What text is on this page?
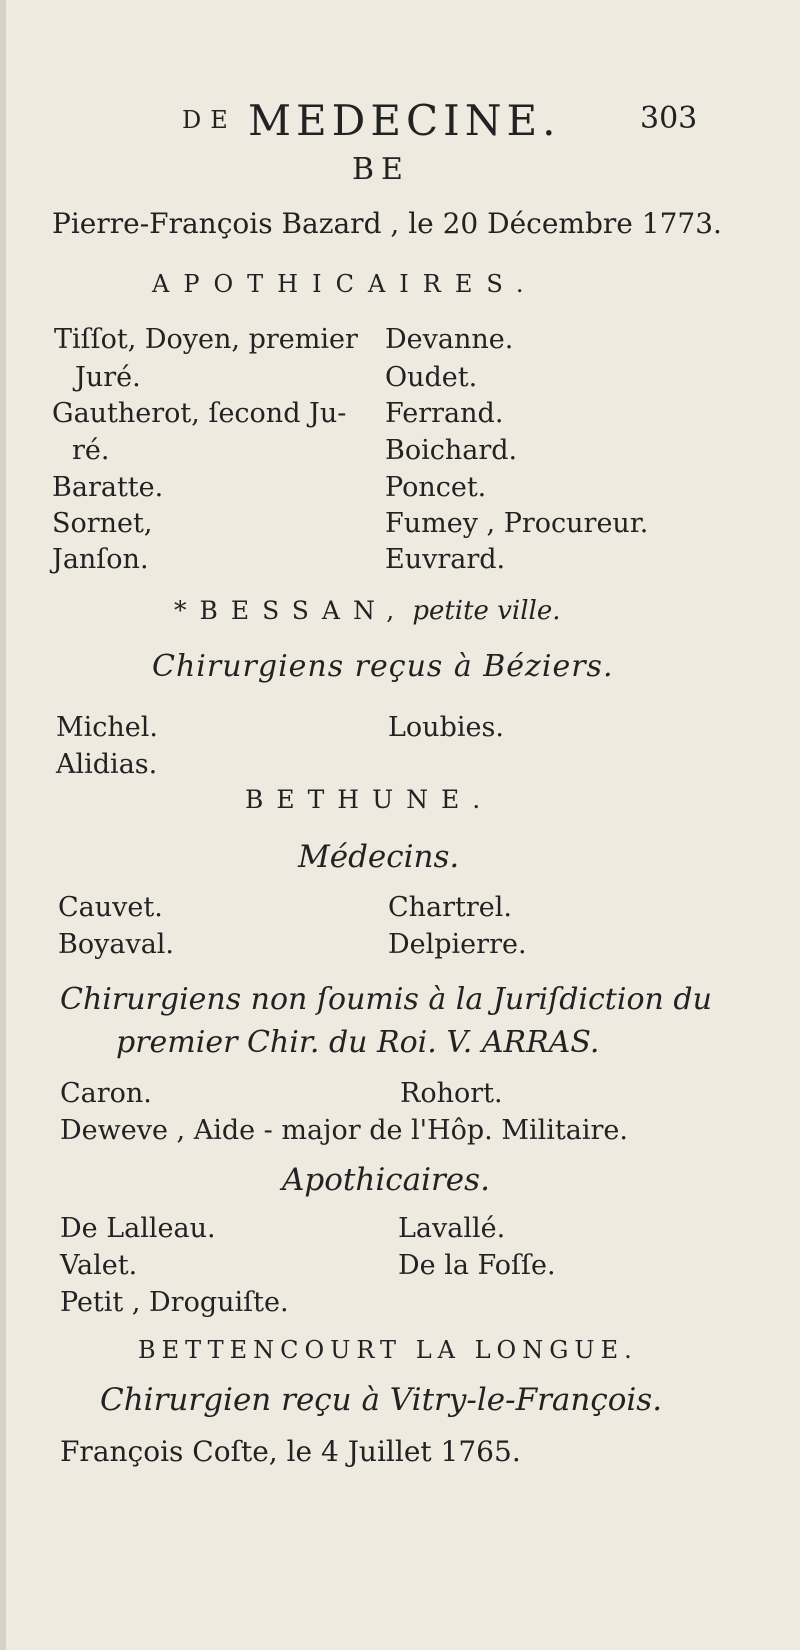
DE MEDECINE.	303
BE
Pierre-François Bazard , le 20 Décembre 1773.
APOTHICAIRES.
Tiſſot, Doyen, premier
Juré.
Gautherot, ſecond Ju-
ré.
Baratte.
Sornet,
Janſon.
Devanne.
Oudet.
Ferrand.
Boichard.
Poncet.
Fumey , Procureur.
Euvrard.
*BESSAN, petite ville.
Chirurgiens reçus à Béziers.
Michel.
Alidias.
Loubies.
BETHUNE.
Médecins.
Cauvet.
Boyaval.
Chartrel.
Delpierre.
Chirurgiens non ſoumis à la Juriſdiction du
premier Chir. du Roi. V. ARRAS.
Caron.	Rohort.
Deweve , Aide - major de l'Hôp. Militaire.
Apothicaires.
De Lalleau.
Valet.
Petit , Droguiſte.
Lavallé.
De la Foſſe.
BETTENCOURT LA LONGUE.
Chirurgien reçu à Vitry-le-François.
François Coſte, le 4 Juillet 1765.
